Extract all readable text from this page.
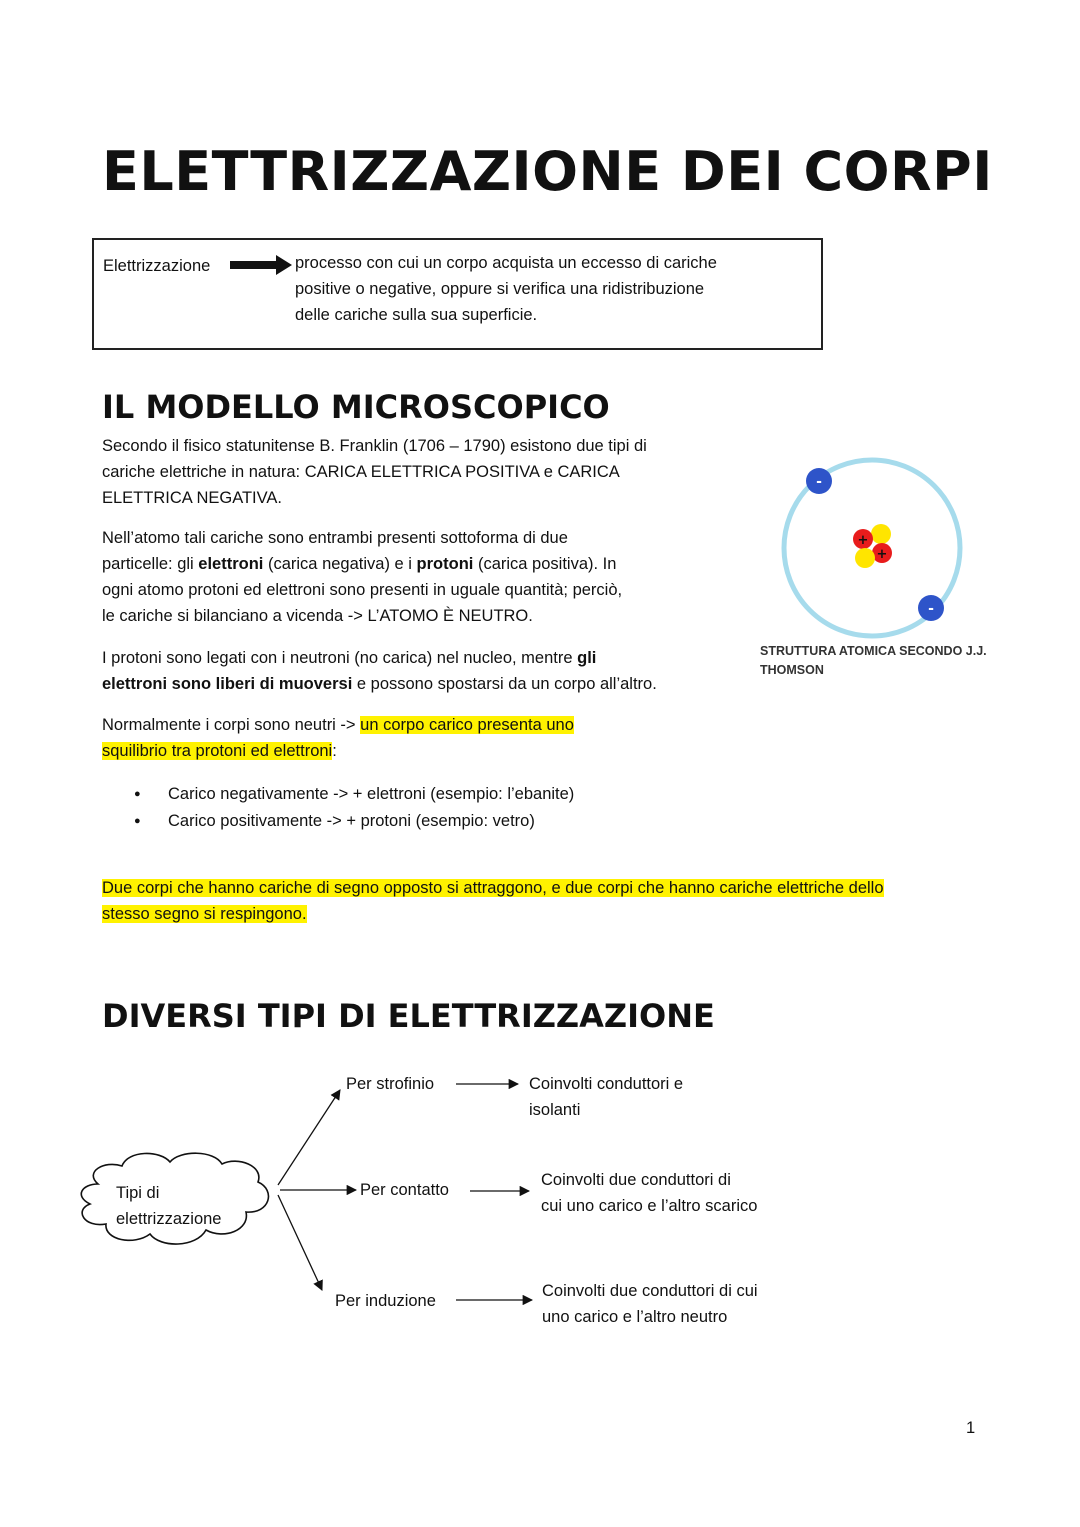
ELETTRIZZAZIONE DEI CORPI
Elettrizzazione	processo con cui un corpo acquista un eccesso di cariche
positive o negative, oppure si verifica una ridistribuzione
delle cariche sulla sua superficie.
IL MODELLO MICROSCOPICO
Secondo il fisico statunitense B. Franklin (1706 – 1790) esistono due tipi di
cariche elettriche in natura: CARICA ELETTRICA POSITIVA e CARICA
ELETTRICA NEGATIVA.
Nell’atomo tali cariche sono entrambi presenti sottoforma di due
particelle: gli elettroni (carica negativa) e i protoni (carica positiva). In
ogni atomo protoni ed elettroni sono presenti in uguale quantità; perciò,
le cariche si bilanciano a vicenda -> L’ATOMO È NEUTRO.
I protoni sono legati con i neutroni (no carica) nel nucleo, mentre gli
elettroni sono liberi di muoversi e possono spostarsi da un corpo all’altro.
Normalmente i corpi sono neutri -> un corpo carico presenta uno
squilibrio tra protoni ed elettroni:
● Carico negativamente -> + elettroni (esempio: l’ebanite)
● Carico positivamente -> + protoni (esempio: vetro)
Due corpi che hanno cariche di segno opposto si attraggono, e due corpi che hanno cariche elettriche dello
stesso segno si respingono.
-
-
+
+
STRUTTURA ATOMICA SECONDO J.J.
THOMSON
DIVERSI TIPI DI ELETTRIZZAZIONE
Tipi di
elettrizzazione
Per strofinio	Coinvolti conduttori e
isolanti
Per contatto
Coinvolti due conduttori di
cui uno carico e l’altro scarico
Per induzione
Coinvolti due conduttori di cui
uno carico e l’altro neutro
1
